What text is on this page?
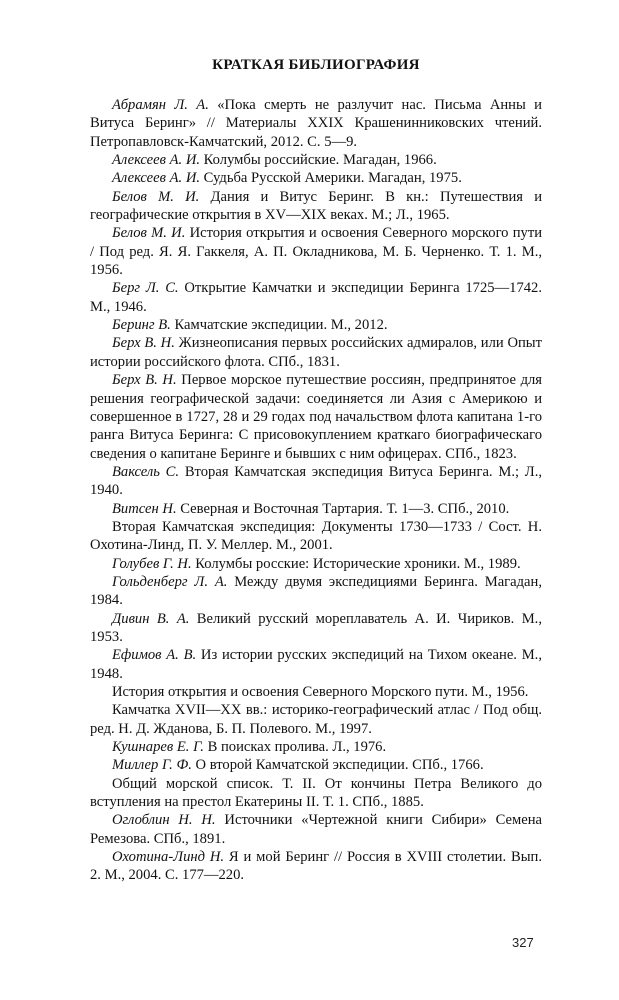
КРАТКАЯ БИБЛИОГРАФИЯ

Абрамян Л. А. «Пока смерть не разлучит нас. Письма Анны и Витуса Беринг» // Материалы XXIX Крашенинниковских чтений. Петропавловск-Камчатский, 2012. С. 5—9.

Алексеев А. И. Колумбы российские. Магадан, 1966.

Алексеев А. И. Судьба Русской Америки. Магадан, 1975.

Белов М. И. Дания и Витус Беринг. В кн.: Путешествия и географические открытия в XV—XIX веках. М.; Л., 1965.

Белов М. И. История открытия и освоения Северного морского пути / Под ред. Я. Я. Гаккеля, А. П. Окладникова, М. Б. Черненко. Т. 1. М., 1956.

Берг Л. С. Открытие Камчатки и экспедиции Беринга 1725—1742. М., 1946.

Беринг В. Камчатские экспедиции. М., 2012.

Берх В. Н. Жизнеописания первых российских адмиралов, или Опыт истории российского флота. СПб., 1831.

Берх В. Н. Первое морское путешествие россиян, предпринятое для решения географической задачи: соединяется ли Азия с Америкою и совершенное в 1727, 28 и 29 годах под начальством флота капитана 1-го ранга Витуса Беринга: С присовокуплением краткаго биографическаго сведения о капитане Беринге и бывших с ним офицерах. СПб., 1823.

Ваксель С. Вторая Камчатская экспедиция Витуса Беринга. М.; Л., 1940.

Витсен Н. Северная и Восточная Тартария. Т. 1—3. СПб., 2010.

Вторая Камчатская экспедиция: Документы 1730—1733 / Сост. Н. Охотина-Линд, П. У. Меллер. М., 2001.

Голубев Г. Н. Колумбы росские: Исторические хроники. М., 1989.

Гольденберг Л. А. Между двумя экспедициями Беринга. Магадан, 1984.

Дивин В. А. Великий русский мореплаватель А. И. Чириков. М., 1953.

Ефимов А. В. Из истории русских экспедиций на Тихом океане. М., 1948.

История открытия и освоения Северного Морского пути. М., 1956.

Камчатка XVII—XX вв.: историко-географический атлас / Под общ. ред. Н. Д. Жданова, Б. П. Полевого. М., 1997.

Кушнарев Е. Г. В поисках пролива. Л., 1976.

Миллер Г. Ф. О второй Камчатской экспедиции. СПб., 1766.

Общий морской список. Т. II. От кончины Петра Великого до вступления на престол Екатерины II. Т. 1. СПб., 1885.

Оглоблин Н. Н. Источники «Чертежной книги Сибири» Семена Ремезова. СПб., 1891.

Охотина-Линд Н. Я и мой Беринг // Россия в XVIII столетии. Вып. 2. М., 2004. С. 177—220.

327
